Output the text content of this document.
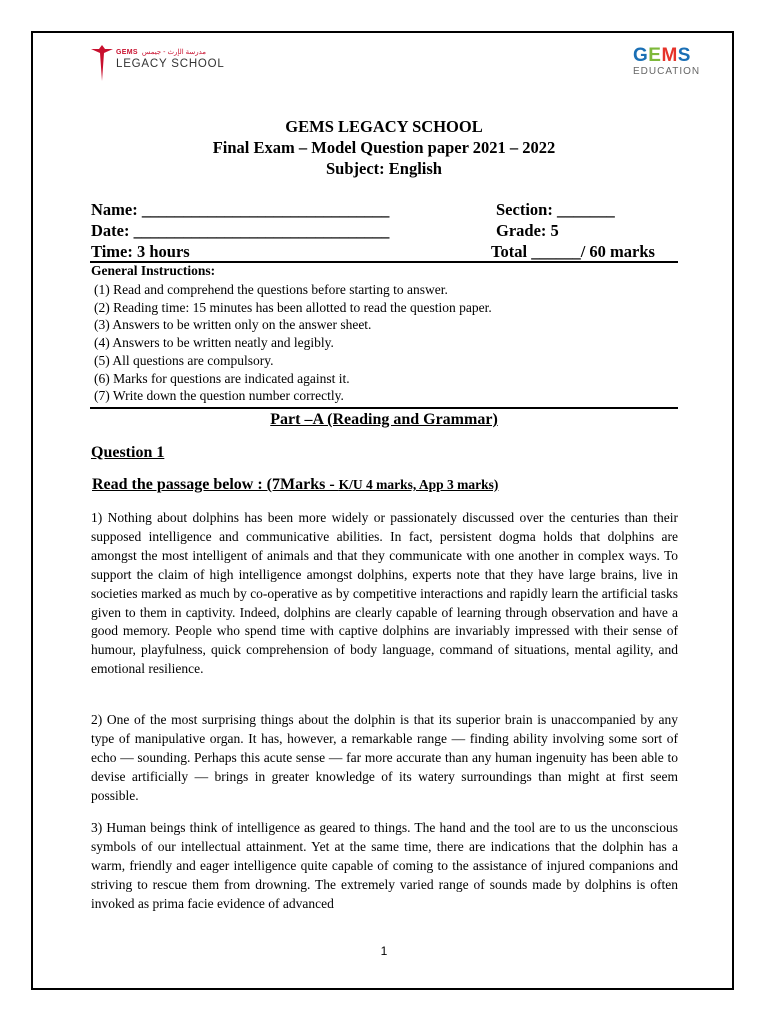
GEMS مدرسة الإرث - جيمس
LEGACY SCHOOL	GEMS
EDUCATION
GEMS LEGACY SCHOOL
Final Exam – Model Question paper 2021 – 2022
Subject: English
Name: ______________________________
Date: _______________________________
Time: 3 hours
Section: _______
Grade: 5
Total ______/ 60 marks
General Instructions:
(1) Read and comprehend the questions before starting to answer.
(2) Reading time: 15 minutes has been allotted to read the question paper.
(3) Answers to be written only on the answer sheet.
(4) Answers to be written neatly and legibly.
(5) All questions are compulsory.
(6) Marks for questions are indicated against it.
(7) Write down the question number correctly.
Part –A (Reading and Grammar)
Question 1
Read the passage below : (7Marks - K/U 4 marks, App 3 marks)
1) Nothing about dolphins has been more widely or passionately discussed over the centuries than their supposed intelligence and communicative abilities. In fact, persistent dogma holds that dolphins are amongst the most intelligent of animals and that they communicate with one another in complex ways. To support the claim of high intelligence amongst dolphins, experts note that they have large brains, live in societies marked as much by co-operative as by competitive interactions and rapidly learn the artificial tasks given to them in captivity. Indeed, dolphins are clearly capable of learning through observation and have a good memory. People who spend time with captive dolphins are invariably impressed with their sense of humour, playfulness, quick comprehension of body language, command of situations, mental agility, and emotional resilience.
2) One of the most surprising things about the dolphin is that its superior brain is unaccompanied by any type of manipulative organ. It has, however, a remarkable range — finding ability involving some sort of echo — sounding. Perhaps this acute sense — far more accurate than any human ingenuity has been able to devise artificially — brings in greater knowledge of its watery surroundings than might at first seem possible.
3) Human beings think of intelligence as geared to things. The hand and the tool are to us the unconscious symbols of our intellectual attainment. Yet at the same time, there are indications that the dolphin has a warm, friendly and eager intelligence quite capable of coming to the assistance of injured companions and striving to rescue them from drowning. The extremely varied range of sounds made by dolphins is often invoked as prima facie evidence of advanced
1
